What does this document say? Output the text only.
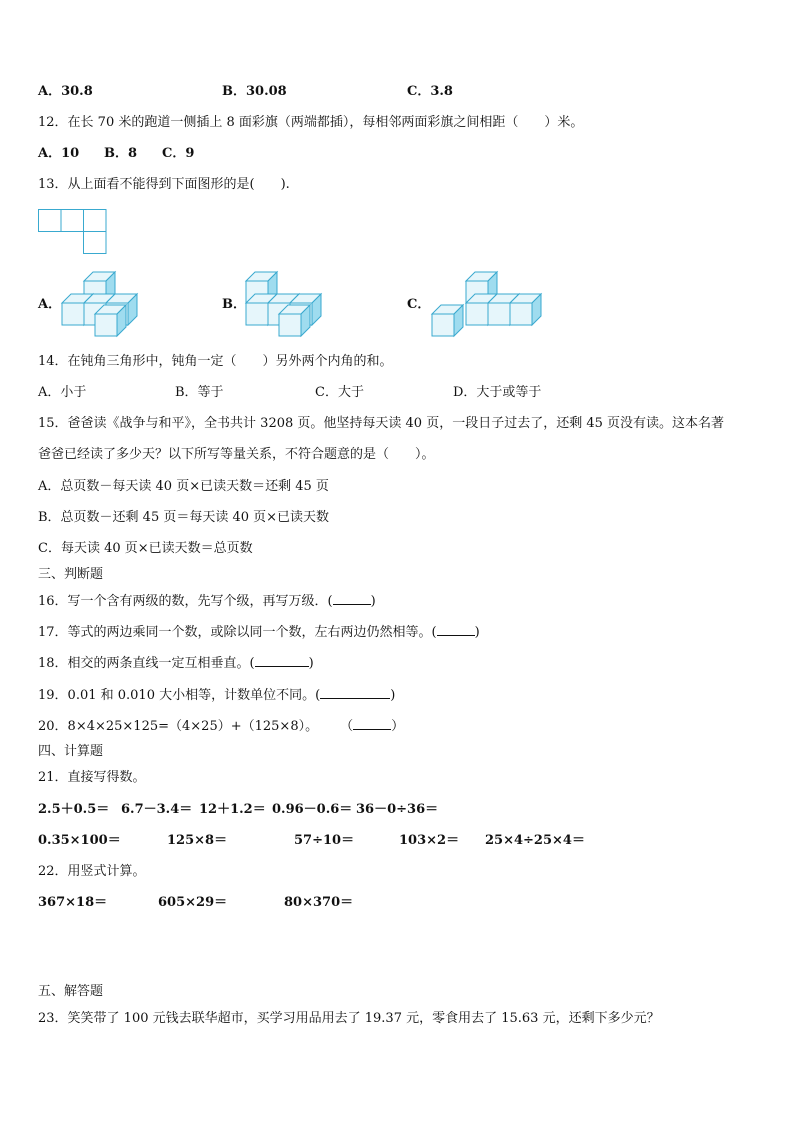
A．30.8	B．30.08	C．3.8
12．在长 70 米的跑道一侧插上 8 面彩旗（两端都插），每相邻两面彩旗之间相距（　　）米。
A．10 B．8 C．9
13．从上面看不能得到下面图形的是(　　).
A．	B．	C．
14．在钝角三角形中，钝角一定（　　）另外两个内角的和。
A．小于	B．等于	C．大于	D．大于或等于
15．爸爸读《战争与和平》，全书共计 3208 页。他坚持每天读 40 页，一段日子过去了，还剩 45 页没有读。这本名著
爸爸已经读了多少天？以下所写等量关系，不符合题意的是（　　）。
A．总页数－每天读 40 页×已读天数＝还剩 45 页
B．总页数－还剩 45 页＝每天读 40 页×已读天数
C．每天读 40 页×已读天数＝总页数
三、判断题
16．写一个含有两级的数，先写个级，再写万级．(	)
17．等式的两边乘同一个数，或除以同一个数，左右两边仍然相等。(	)
18．相交的两条直线一定互相垂直。(	)
19．0.01 和 0.010 大小相等，计数单位不同。(	)
20．8×4×25×125=（4×25）+（125×8）。 （	）
四、计算题
21．直接写得数。
2.5＋0.5＝ 6.7－3.4＝ 12＋1.2＝ 0.96－0.6＝ 36－0÷36＝
0.35×100＝	125×8＝	57÷10＝	103×2＝ 25×4÷25×4＝
22．用竖式计算。
367×18＝	605×29＝	80×370＝
五、解答题
23．笑笑带了 100 元钱去联华超市，买学习用品用去了 19.37 元，零食用去了 15.63 元，还剩下多少元？
